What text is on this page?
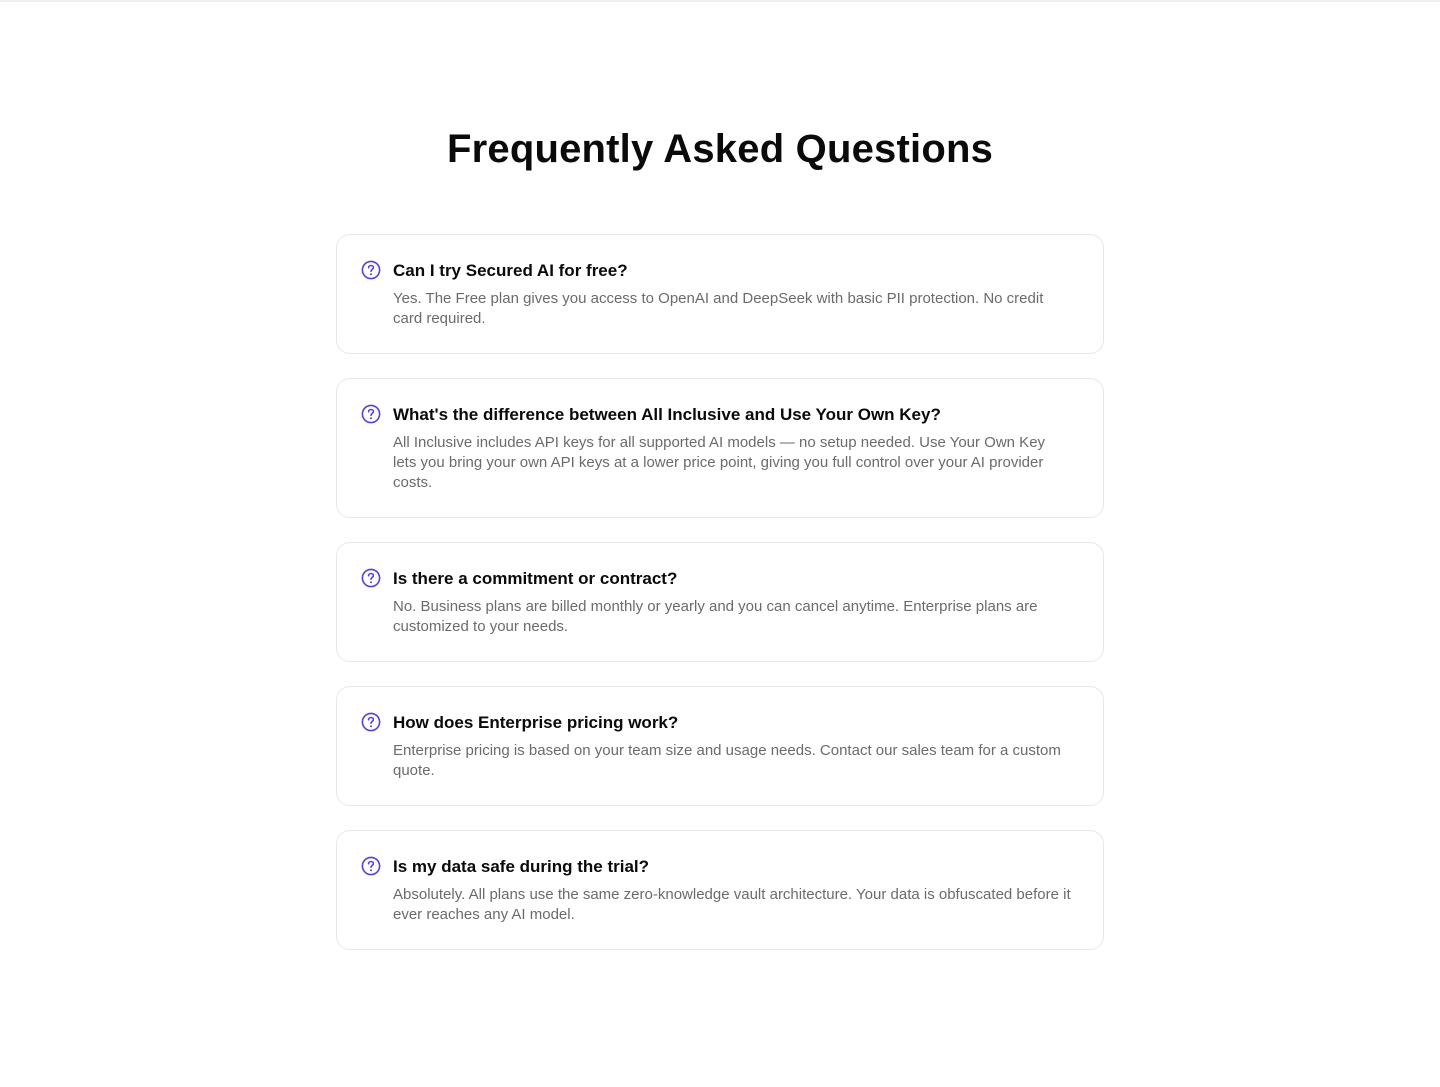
Frequently Asked Questions
Can I try Secured AI for free?
Yes. The Free plan gives you access to OpenAI and DeepSeek with basic PII protection. No credit card required.
What's the difference between All Inclusive and Use Your Own Key?
All Inclusive includes API keys for all supported AI models — no setup needed. Use Your Own Key lets you bring your own API keys at a lower price point, giving you full control over your AI provider costs.
Is there a commitment or contract?
No. Business plans are billed monthly or yearly and you can cancel anytime. Enterprise plans are customized to your needs.
How does Enterprise pricing work?
Enterprise pricing is based on your team size and usage needs. Contact our sales team for a custom quote.
Is my data safe during the trial?
Absolutely. All plans use the same zero-knowledge vault architecture. Your data is obfuscated before it ever reaches any AI model.
